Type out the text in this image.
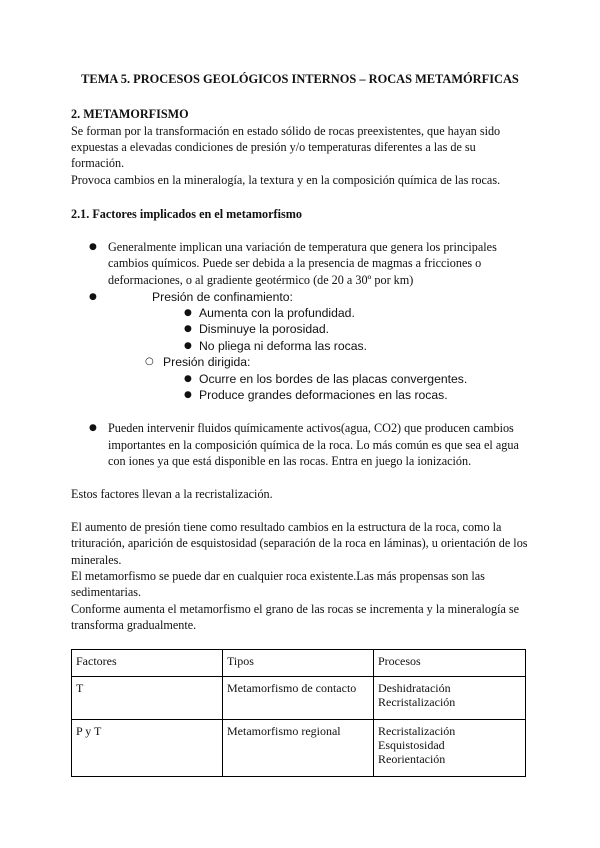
TEMA 5. PROCESOS GEOLÓGICOS INTERNOS – ROCAS METAMÓRFICAS
2. METAMORFISMO
Se forman por la transformación en estado sólido de rocas preexistentes, que hayan sido
expuestas a elevadas condiciones de presión y/o temperaturas diferentes a las de su
formación.
Provoca cambios en la mineralogía, la textura y en la composición química de las rocas.
2.1. Factores implicados en el metamorfismo
● Generalmente implican una variación de temperatura que genera los principales
cambios químicos. Puede ser debida a la presencia de magmas a fricciones o
deformaciones, o al gradiente geotérmico (de 20 a 30º por km)
●	Presión de confinamiento:
● Aumenta con la profundidad.
● Disminuye la porosidad.
● No pliega ni deforma las rocas.
○ Presión dirigida:
● Ocurre en los bordes de las placas convergentes.
● Produce grandes deformaciones en las rocas.
● Pueden intervenir fluidos químicamente activos(agua, CO2) que producen cambios
importantes en la composición química de la roca. Lo más común es que sea el agua
con iones ya que está disponible en las rocas. Entra en juego la ionización.
Estos factores llevan a la recristalización.
El aumento de presión tiene como resultado cambios en la estructura de la roca, como la
trituración, aparición de esquistosidad (separación de la roca en láminas), u orientación de los
minerales.
El metamorfismo se puede dar en cualquier roca existente.Las más propensas son las
sedimentarias.
Conforme aumenta el metamorfismo el grano de las rocas se incrementa y la mineralogía se
transforma gradualmente.
Factores	Tipos	Procesos
T	Metamorfismo de contacto	Deshidratación
Recristalización

P y T	Metamorfismo regional	Recristalización
Esquistosidad
Reorientación
